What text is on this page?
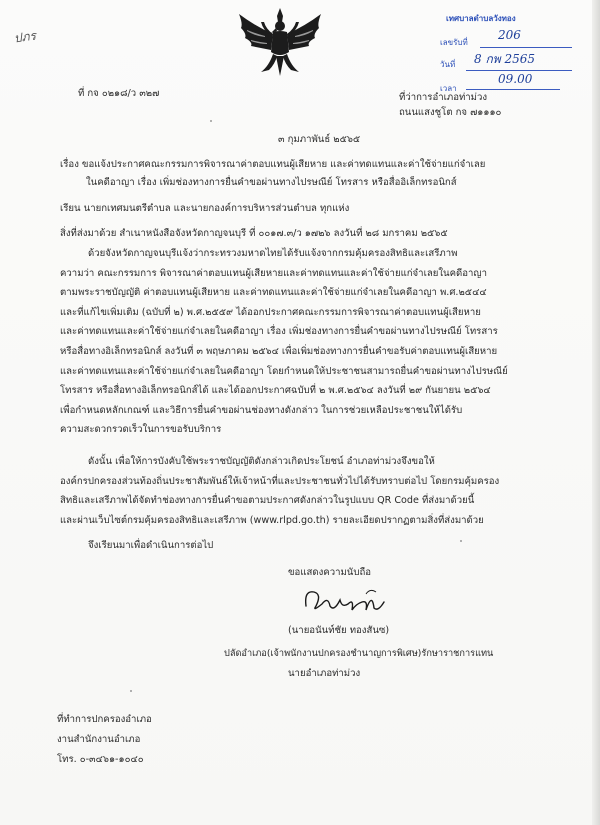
ปภร
เทศบาลตำบลวังทอง
เลขรับที่
206
วันที่ 8 กพ 2565
เวลา
09.00
ที่ กจ ๐๒๑๘/ว ๓๒๗	ที่ว่าการอำเภอท่าม่วง
ถนนแสงชูโต กจ ๗๑๑๑๐
๓ กุมภาพันธ์ ๒๕๖๕
เรื่อง ขอแจ้งประกาศคณะกรรมการพิจารณาค่าตอบแทนผู้เสียหาย และค่าทดแทนและค่าใช้จ่ายแก่จำเลย
ในคดีอาญา เรื่อง เพิ่มช่องทางการยื่นคำขอผ่านทางไปรษณีย์ โทรสาร หรือสื่ออิเล็กทรอนิกส์
เรียน นายกเทศมนตรีตำบล และนายกองค์การบริหารส่วนตำบล ทุกแห่ง
สิ่งที่ส่งมาด้วย สำเนาหนังสือจังหวัดกาญจนบุรี ที่ ๐๐๑๗.๓/ว ๑๗๒๖ ลงวันที่ ๒๘ มกราคม ๒๕๖๕
ด้วยจังหวัดกาญจนบุรีแจ้งว่ากระทรวงมหาดไทยได้รับแจ้งจากกรมคุ้มครองสิทธิและเสรีภาพ
ความว่า คณะกรรมการ พิจารณาค่าตอบแทนผู้เสียหายและค่าทดแทนและค่าใช้จ่ายแก่จำเลยในคดีอาญา
ตามพระราชบัญญัติ ค่าตอบแทนผู้เสียหาย และค่าทดแทนและค่าใช้จ่ายแก่จำเลยในคดีอาญา พ.ศ.๒๕๔๔
และที่แก้ไขเพิ่มเติม (ฉบับที่ ๒) พ.ศ.๒๕๕๙ ได้ออกประกาศคณะกรรมการพิจารณาค่าตอบแทนผู้เสียหาย
และค่าทดแทนและค่าใช้จ่ายแก่จำเลยในคดีอาญา เรื่อง เพิ่มช่องทางการยื่นคำขอผ่านทางไปรษณีย์ โทรสาร
หรือสื่อทางอิเล็กทรอนิกส์ ลงวันที่ ๓ พฤษภาคม ๒๕๖๔ เพื่อเพิ่มช่องทางการยื่นคำขอรับค่าตอบแทนผู้เสียหาย
และค่าทดแทนและค่าใช้จ่ายแก่จำเลยในคดีอาญา โดยกำหนดให้ประชาชนสามารถยื่นคำขอผ่านทางไปรษณีย์
โทรสาร หรือสื่อทางอิเล็กทรอนิกส์ได้ และได้ออกประกาศฉบับที่ ๒ พ.ศ.๒๕๖๔ ลงวันที่ ๒๙ กันยายน ๒๕๖๔
เพื่อกำหนดหลักเกณฑ์ และวิธีการยื่นคำขอผ่านช่องทางดังกล่าว ในการช่วยเหลือประชาชนให้ได้รับ
ความสะดวกรวดเร็วในการขอรับบริการ
ดังนั้น เพื่อให้การบังคับใช้พระราชบัญญัติดังกล่าวเกิดประโยชน์ อำเภอท่าม่วงจึงขอให้
องค์กรปกครองส่วนท้องถิ่นประชาสัมพันธ์ให้เจ้าหน้าที่และประชาชนทั่วไปได้รับทราบต่อไป โดยกรมคุ้มครอง
สิทธิและเสรีภาพได้จัดทำช่องทางการยื่นคำขอตามประกาศดังกล่าวในรูปแบบ QR Code ที่ส่งมาด้วยนี้
และผ่านเว็บไซต์กรมคุ้มครองสิทธิและเสรีภาพ (www.rlpd.go.th) รายละเอียดปรากฏตามสิ่งที่ส่งมาด้วย
จึงเรียนมาเพื่อดำเนินการต่อไป
ขอแสดงความนับถือ
(นายอนันท์ชัย ทองสันซ)
ปลัดอำเภอ(เจ้าพนักงานปกครองชำนาญการพิเศษ)รักษาราชการแทน
นายอำเภอท่าม่วง
ที่ทำการปกครองอำเภอ
งานสำนักงานอำเภอ
โทร. ๐-๓๔๖๑-๑๐๔๐
